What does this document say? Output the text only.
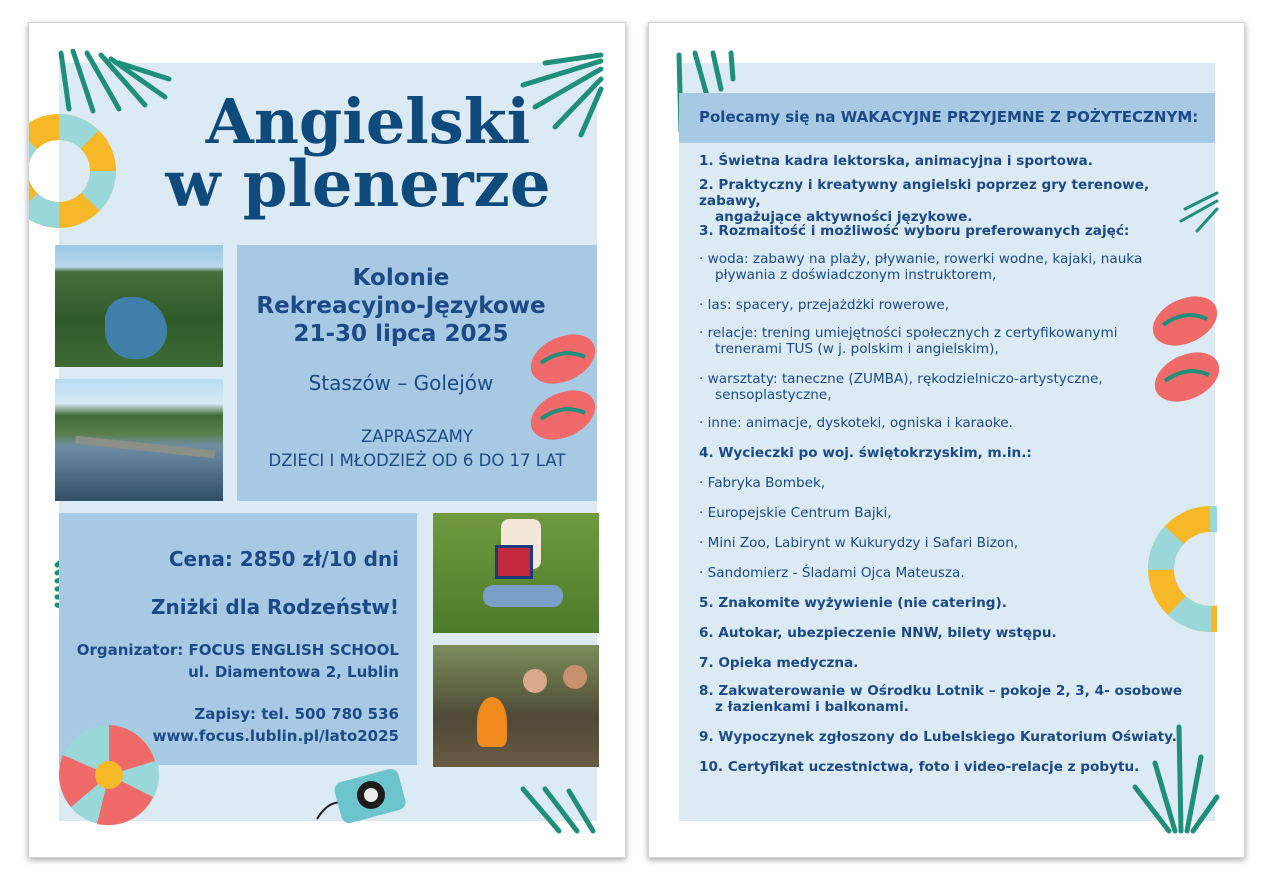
Angielski
w plenerze
Kolonie
Rekreacyjno-Językowe
21-30 lipca 2025
Staszów – Golejów
ZAPRASZAMY
DZIECI I MŁODZIEŻ OD 6 DO 17 LAT
Cena: 2850 zł/10 dni
Zniżki dla Rodzeństw!
Organizator: FOCUS ENGLISH SCHOOL
ul. Diamentowa 2, Lublin
Zapisy: tel. 500 780 536
www.focus.lublin.pl/lato2025
Polecamy się na WAKACYJNE PRZYJEMNE Z POŻYTECZNYM:
1. Świetna kadra lektorska, animacyjna i sportowa.
2. Praktyczny i kreatywny angielski poprzez gry terenowe, zabawy,
angażujące aktywności językowe.
3. Rozmaitość i możliwość wyboru preferowanych zajęć:
· woda: zabawy na plaży, pływanie, rowerki wodne, kajaki, nauka
pływania z doświadczonym instruktorem,
· las: spacery, przejażdżki rowerowe,
· relacje: trening umiejętności społecznych z certyfikowanymi
trenerami TUS (w j. polskim i angielskim),
· warsztaty: taneczne (ZUMBA), rękodzielniczo-artystyczne,
sensoplastyczne,
· inne: animacje, dyskoteki, ogniska i karaoke.
4. Wycieczki po woj. świętokrzyskim, m.in.:
· Fabryka Bombek,
· Europejskie Centrum Bajki,
· Mini Zoo, Labirynt w Kukurydzy i Safari Bizon,
· Sandomierz - Śladami Ojca Mateusza.
5. Znakomite wyżywienie (nie catering).
6. Autokar, ubezpieczenie NNW, bilety wstępu.
7. Opieka medyczna.
8. Zakwaterowanie w Ośrodku Lotnik – pokoje 2, 3, 4- osobowe
z łazienkami i balkonami.
9. Wypoczynek zgłoszony do Lubelskiego Kuratorium Oświaty.
10. Certyfikat uczestnictwa, foto i video-relacje z pobytu.
